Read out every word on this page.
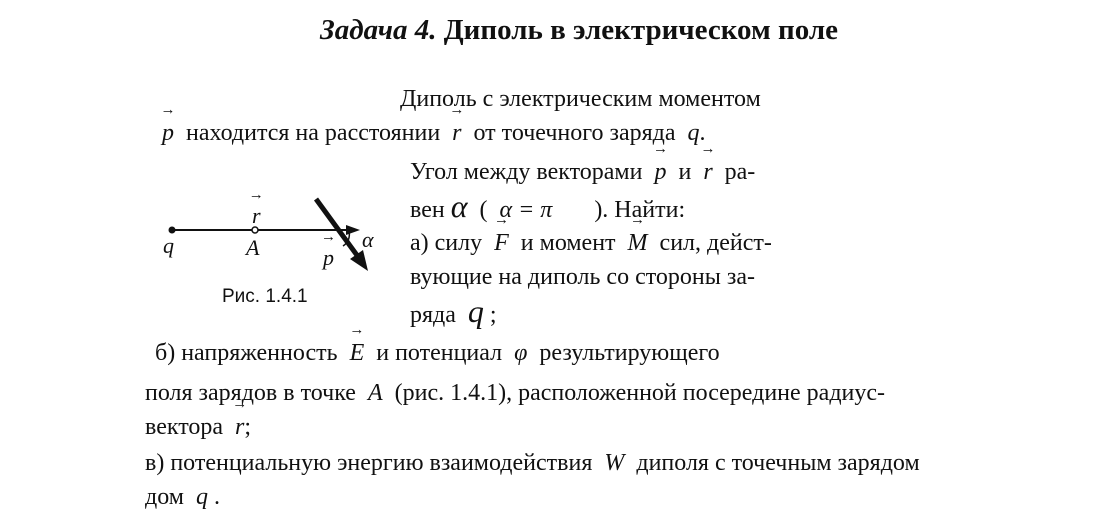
Задача 4. Диполь в электрическом поле
Диполь с электрическим моментом
→ p находится на расстоянии → r от точечного заряда q.
Угол между векторами → p и → r ра-
вен α ( α = π ). Найти:
а) силу → F и момент → M сил, дейст-
вующие на диполь со стороны за-
ряда q ;
б) напряженность → E и потенциал φ результирующего
поля зарядов в точке A (рис. 1.4.1), расположенной посередине радиус-
вектора → r;
в) потенциальную энергию взаимодействия W диполя с точечным зарядом
дом q .
q	A
→ r
→ p
α
Рис. 1.4.1
